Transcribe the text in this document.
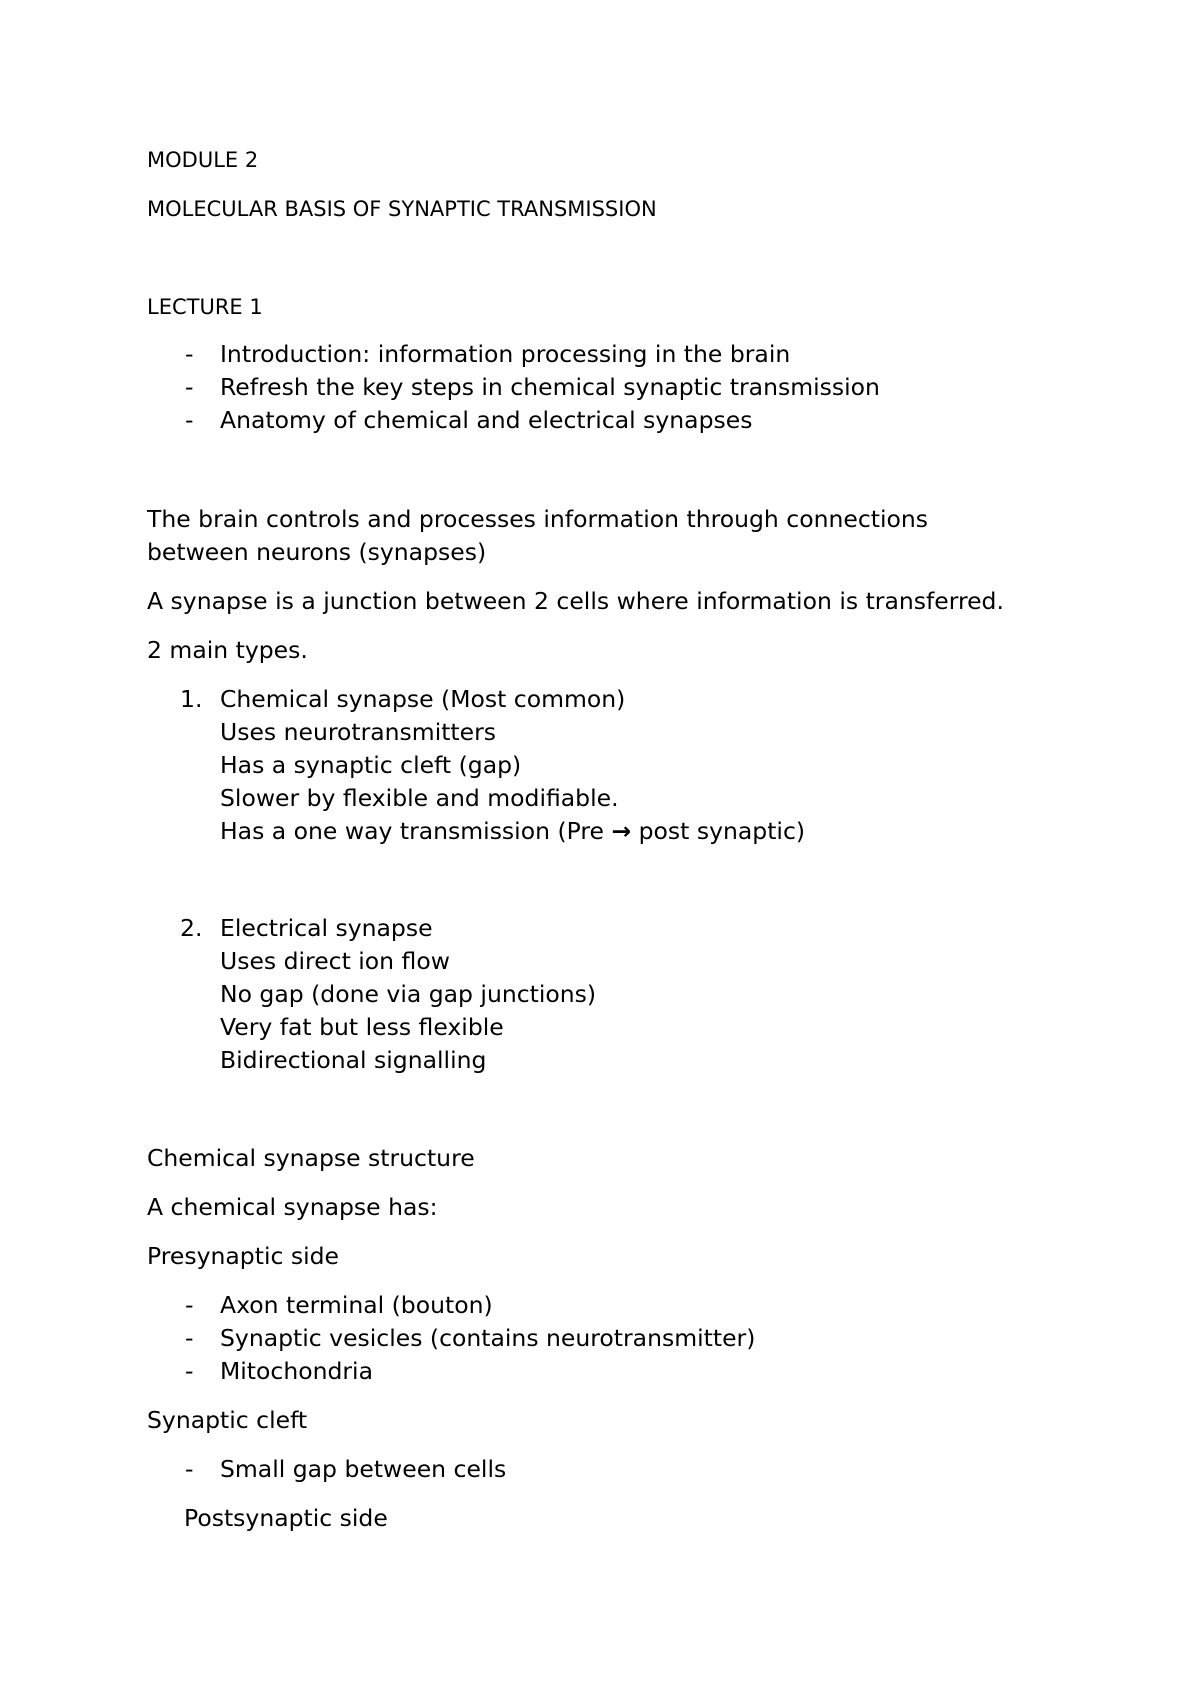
MODULE 2
MOLECULAR BASIS OF SYNAPTIC TRANSMISSION
LECTURE 1
- Introduction: information processing in the brain
- Refresh the key steps in chemical synaptic transmission
- Anatomy of chemical and electrical synapses
The brain controls and processes information through connections
between neurons (synapses)
A synapse is a junction between 2 cells where information is transferred.
2 main types.
1. Chemical synapse (Most common)
Uses neurotransmitters
Has a synaptic cleft (gap)
Slower by flexible and modifiable.
Has a one way transmission (Pre → post synaptic)
2. Electrical synapse
Uses direct ion flow
No gap (done via gap junctions)
Very fat but less flexible
Bidirectional signalling
Chemical synapse structure
A chemical synapse has:
Presynaptic side
- Axon terminal (bouton)
- Synaptic vesicles (contains neurotransmitter)
- Mitochondria
Synaptic cleft
- Small gap between cells
Postsynaptic side
